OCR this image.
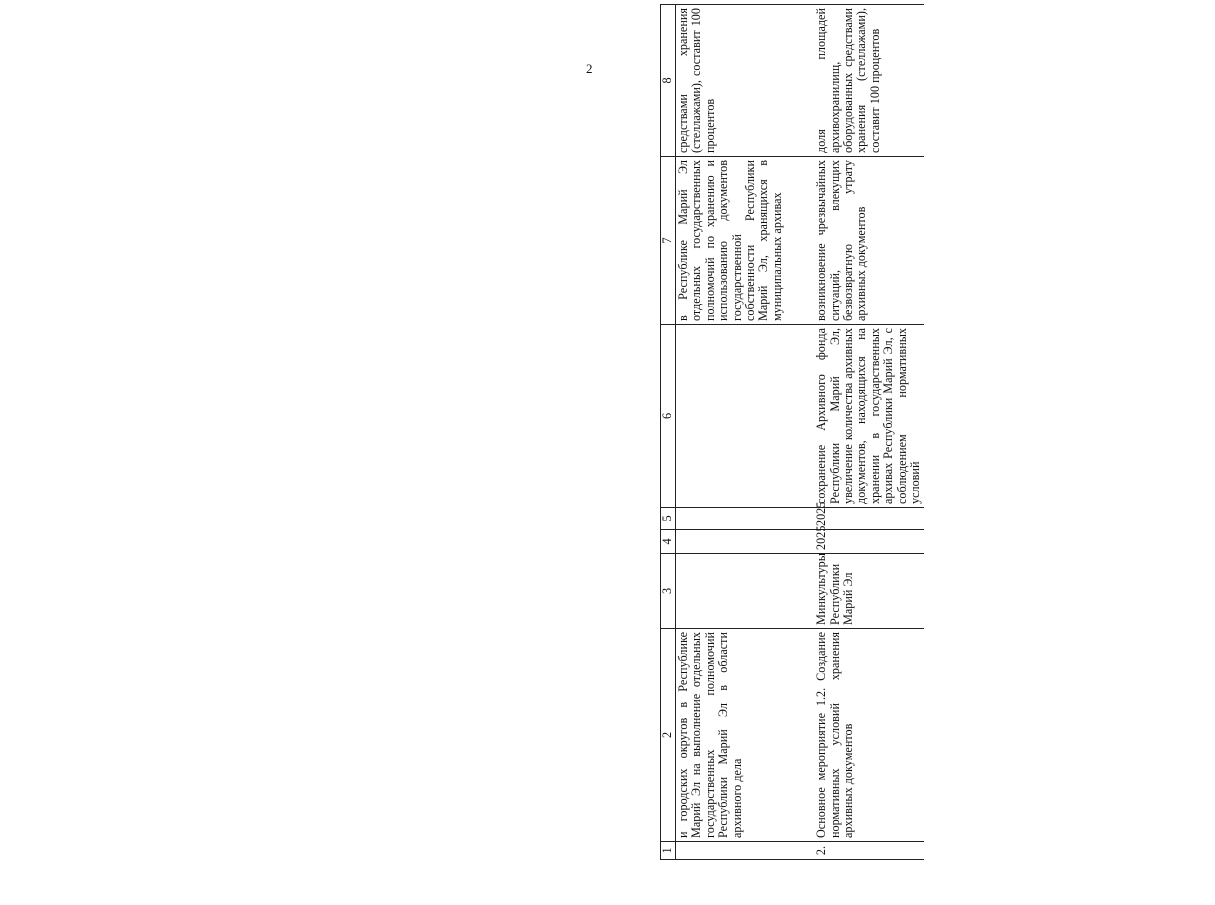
2
1	2	3	4	5	6	7	8
	и городских округов в Республике Марий Эл на выполнение отдельных государственных полномочий Республики Марий Эл в области архивного дела					в Республике Марий Эл отдельных государственных полномочий по хранению и использованию документов государственной собственности Республики Марий Эл, хранящихся в муниципальных архивах	средствами хранения (стеллажами), составит 100 процентов
2.	Основное мероприятие 1.2. Создание нормативных условий хранения архивных документов	Минкультуры Республики Марий Эл	2025	2025	сохранение Архивного фонда Республики Марий Эл, увеличение количества архивных документов, находящихся на хранении в государственных архивах Республики Марий Эл, с соблюдением нормативных условий	возникновение чрезвычайных ситуаций, влекущих безвозвратную утрату архивных документов	доля площадей архивохранилищ, оборудованных средствами хранения (стеллажами), составит 100 процентов
